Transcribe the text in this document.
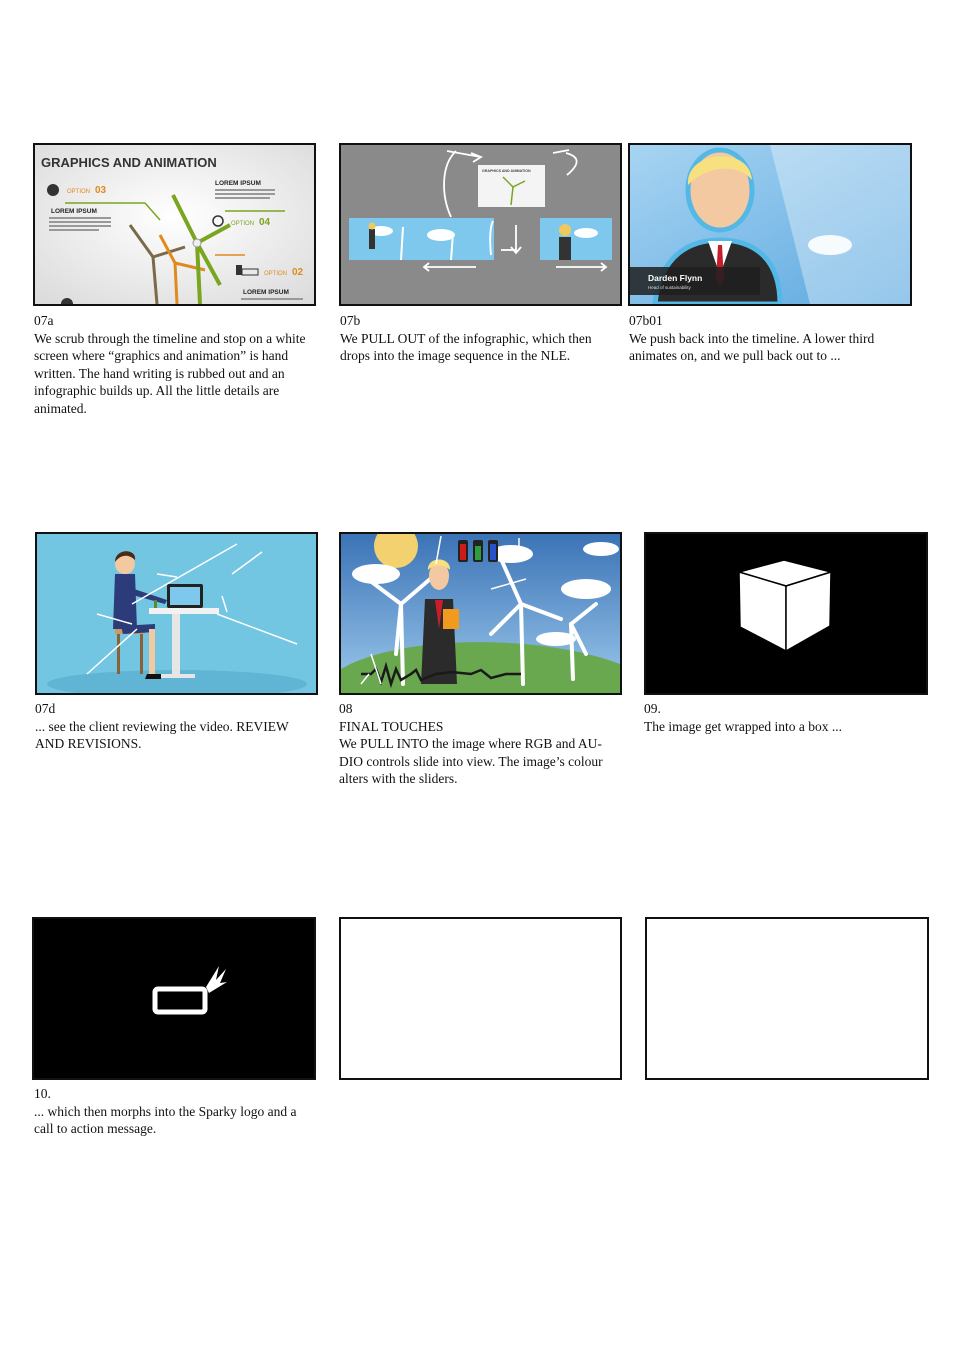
GRAPHICS AND ANIMATION
OPTION 03
LOREM IPSUM
LOREM IPSUM
OPTION 04
OPTION 02
LOREM IPSUM
07a
We scrub through the timeline and stop on a white screen where “graphics and animation” is hand written. The hand writing is rubbed out and an infographic builds up. All the little details are animated.
GRAPHICS AND ANIMATION
07b
We PULL OUT of the infographic, which then drops into the image sequence in the NLE.
Darden Flynn
Head of sustainability
07b01
We push back into the timeline. A lower third animates on, and we pull back out to ...
07d
... see the client reviewing the video. REVIEW AND REVISIONS.
08
FINAL TOUCHES
We PULL INTO the image where RGB and AU-DIO controls slide into view. The image’s colour alters with the sliders.
09.
The image get wrapped into a box ...
10.
... which then morphs into the Sparky logo and a call to action message.
